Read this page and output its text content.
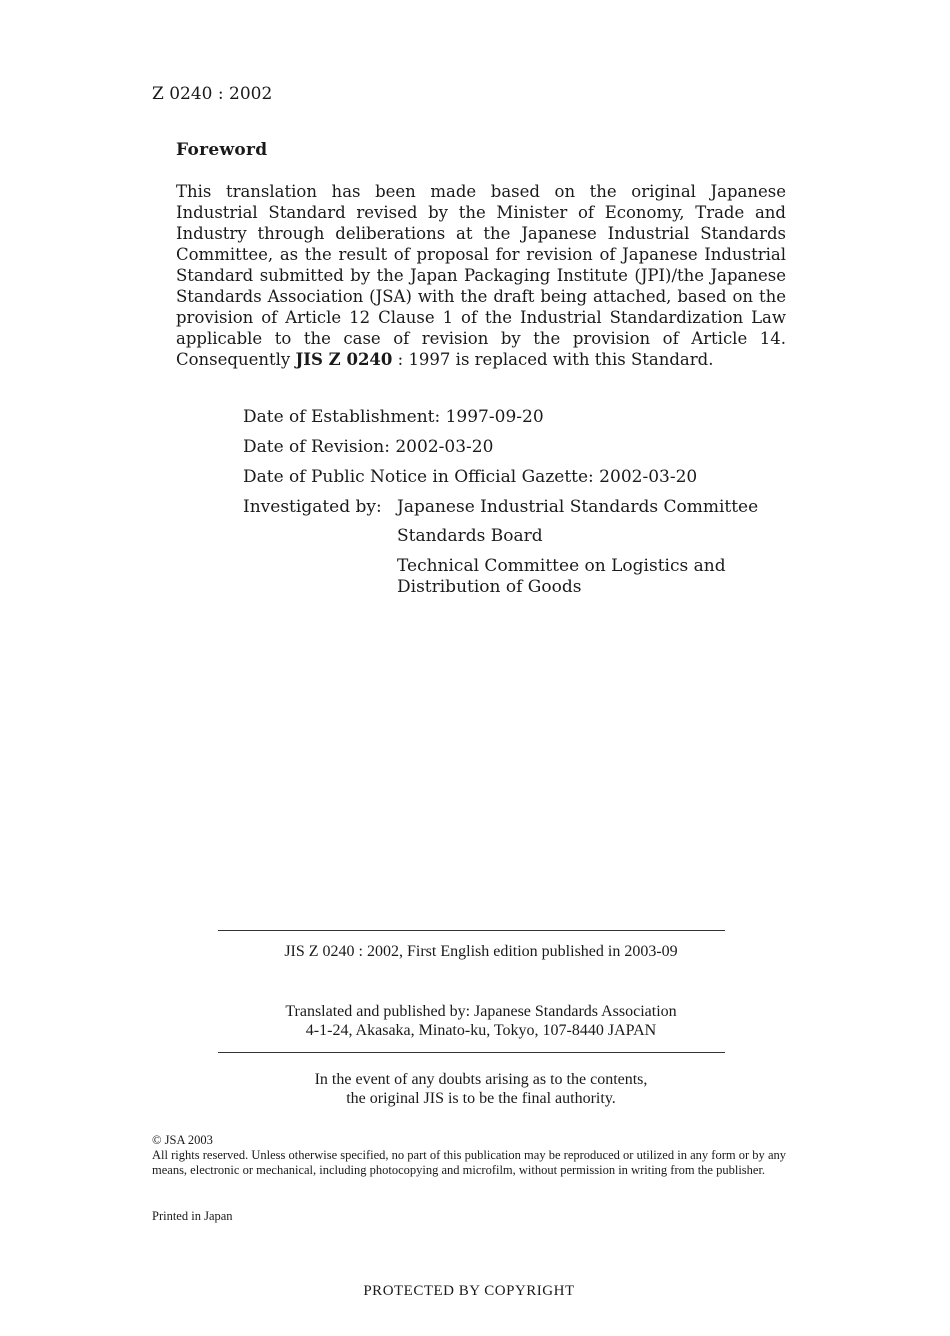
Z 0240 : 2002
Foreword

This translation has been made based on the original Japanese Industrial Standard revised by the Minister of Economy, Trade and Industry through deliberations at the Japanese Industrial Standards Committee, as the result of proposal for revision of Japanese Industrial Standard submitted by the Japan Packaging Institute (JPI)/the Japanese Standards Association (JSA) with the draft being attached, based on the provision of Article 12 Clause 1 of the Industrial Standardization Law applicable to the case of revision by the provision of Article 14. Consequently JIS Z 0240 : 1997 is replaced with this Standard.

Date of Establishment: 1997-09-20
Date of Revision: 2002-03-20
Date of Public Notice in Official Gazette: 2002-03-20
Investigated by: Japanese Industrial Standards Committee
Standards Board
Technical Committee on Logistics and
Distribution of Goods
JIS Z 0240 : 2002, First English edition published in 2003-09
Translated and published by: Japanese Standards Association
4-1-24, Akasaka, Minato-ku, Tokyo, 107-8440 JAPAN
In the event of any doubts arising as to the contents,
the original JIS is to be the final authority.
© JSA 2003
All rights reserved. Unless otherwise specified, no part of this publication may be reproduced or utilized in any form or by any means, electronic or mechanical, including photocopying and microfilm, without permission in writing from the publisher.
Printed in Japan
PROTECTED BY COPYRIGHT
